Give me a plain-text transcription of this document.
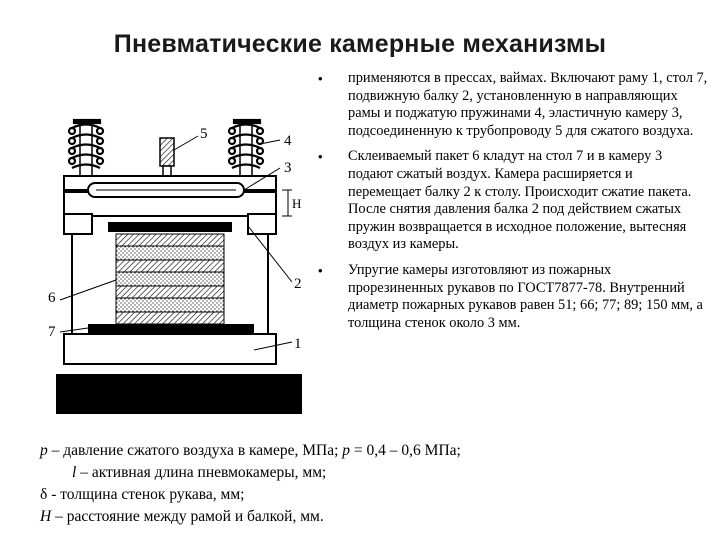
Пневматические камерные механизмы
H
5	4
3
2
1
6
7
• применяются в прессах, ваймах. Включают раму 1, стол 7, подвижную балку 2, установленную в направляющих рамы и поджатую пружинами 4, эластичную камеру 3, подсоединенную к трубопроводу 5 для сжатого воздуха.
• Склеиваемый пакет 6 кладут на стол 7 и в камеру 3 подают сжатый воздух. Камера расширяется и перемещает балку 2 к столу. Происходит сжатие пакета. После снятия давления балка 2 под действием сжатых пружин возвращается в исходное положение, вытесняя воздух из камеры.
• Упругие камеры изготовляют из пожарных прорезиненных рукавов по ГОСТ7877-78. Внутренний диаметр пожарных рукавов равен 51; 66; 77; 89; 150 мм, а толщина стенок около 3 мм.
p – давление сжатого воздуха в камере, МПа; p = 0,4 – 0,6 МПа;
l – активная длина пневмокамеры, мм;
δ - толщина стенок рукава, мм;
H – расстояние между рамой и балкой, мм.
